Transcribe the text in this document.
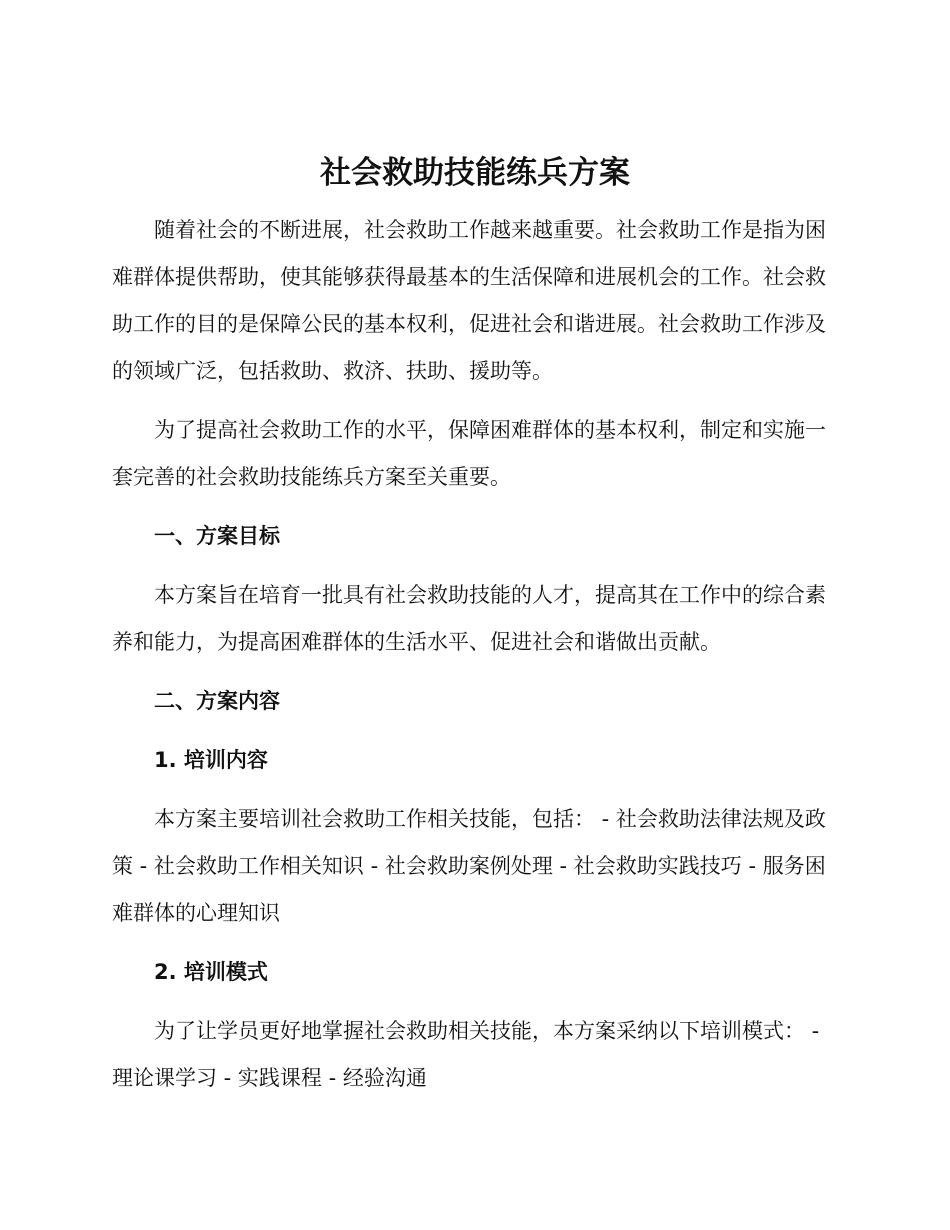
社会救助技能练兵方案

随着社会的不断进展，社会救助工作越来越重要。社会救助工作是指为困难群体提供帮助，使其能够获得最基本的生活保障和进展机会的工作。社会救助工作的目的是保障公民的基本权利，促进社会和谐进展。社会救助工作涉及的领域广泛，包括救助、救济、扶助、援助等。

为了提高社会救助工作的水平，保障困难群体的基本权利，制定和实施一套完善的社会救助技能练兵方案至关重要。

一、方案目标

本方案旨在培育一批具有社会救助技能的人才，提高其在工作中的综合素养和能力，为提高困难群体的生活水平、促进社会和谐做出贡献。

二、方案内容
1. 培训内容

本方案主要培训社会救助工作相关技能，包括： - 社会救助法律法规及政策 - 社会救助工作相关知识 - 社会救助案例处理 - 社会救助实践技巧 - 服务困难群体的心理知识

2. 培训模式

为了让学员更好地掌握社会救助相关技能，本方案采纳以下培训模式： - 理论课学习 - 实践课程 - 经验沟通
